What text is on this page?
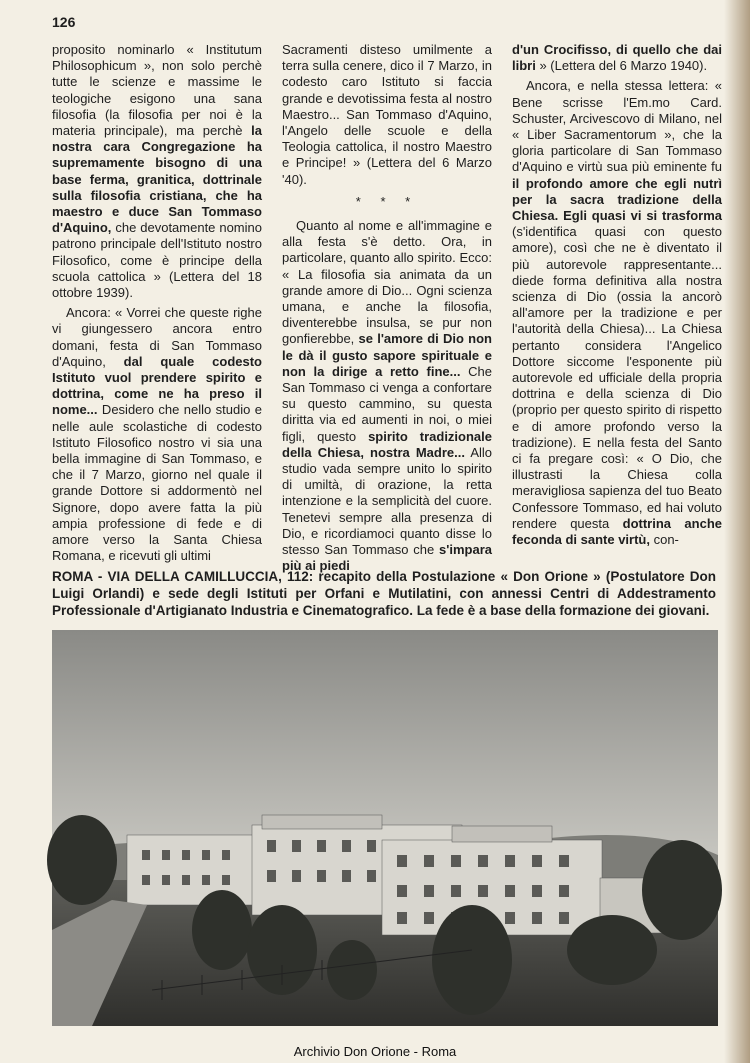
126

proposito nominarlo « Institutum Philosophicum », non solo perchè tutte le scienze e massime le teologiche esigono una sana filosofia (la filosofia per noi è la materia principale), ma perchè la nostra cara Congregazione ha supremamente bisogno di una base ferma, granitica, dottrinale sulla filosofia cristiana, che ha maestro e duce San Tommaso d'Aquino, che devotamente nomino patrono principale dell'Istituto nostro Filosofico, come è principe della scuola cattolica » (Lettera del 18 ottobre 1939).

Ancora: « Vorrei che queste righe vi giungessero ancora entro domani, festa di San Tommaso d'Aquino, dal quale codesto Istituto vuol prendere spirito e dottrina, come ne ha preso il nome... Desidero che nello studio e nelle aule scolastiche di codesto Istituto Filosofico nostro vi sia una bella immagine di San Tommaso, e che il 7 Marzo, giorno nel quale il grande Dottore si addormentò nel Signore, dopo avere fatta la più ampia professione di fede e di amore verso la Santa Chiesa Romana, e ricevuti gli ultimi

Sacramenti disteso umilmente a terra sulla cenere, dico il 7 Marzo, in codesto caro Istituto si faccia grande e devotissima festa al nostro Maestro... San Tommaso d'Aquino, l'Angelo delle scuole e della Teologia cattolica, il nostro Maestro e Principe! » (Lettera del 6 Marzo '40).

* * *

Quanto al nome e all'immagine e alla festa s'è detto. Ora, in particolare, quanto allo spirito. Ecco: « La filosofia sia animata da un grande amore di Dio... Ogni scienza umana, e anche la filosofia, diventerebbe insulsa, se pur non gonfierebbe, se l'amore di Dio non le dà il gusto sapore spirituale e non la dirige a retto fine... Che San Tommaso ci venga a confortare su questo cammino, su questa diritta via ed aumenti in noi, o miei figli, questo spirito tradizionale della Chiesa, nostra Madre... Allo studio vada sempre unito lo spirito di umiltà, di orazione, la retta intenzione e la semplicità del cuore. Tenetevi sempre alla presenza di Dio, e ricordiamoci quanto disse lo stesso San Tommaso che s'impara più ai piedi

d'un Crocifisso, di quello che dai libri » (Lettera del 6 Marzo 1940).

Ancora, e nella stessa lettera: « Bene scrisse l'Em.mo Card. Schuster, Arcivescovo di Milano, nel « Liber Sacramentorum », che la gloria particolare di San Tommaso d'Aquino e virtù sua più eminente fu il profondo amore che egli nutrì per la sacra tradizione della Chiesa. Egli quasi vi si trasforma (s'identifica quasi con questo amore), così che ne è diventato il più autorevole rappresentante... diede forma definitiva alla nostra scienza di Dio (ossia la ancorò all'amore per la tradizione e per l'autorità della Chiesa)... La Chiesa pertanto considera l'Angelico Dottore siccome l'esponente più autorevole ed ufficiale della propria dottrina e della scienza di Dio (proprio per questo spirito di rispetto e di amore profondo verso la tradizione). E nella festa del Santo ci fa pregare così: « O Dio, che illustrasti la Chiesa colla meravigliosa sapienza del tuo Beato Confessore Tommaso, ed hai voluto rendere questa dottrina anche feconda di sante virtù, con-

ROMA - VIA DELLA CAMILLUCCIA, 112: recapito della Postulazione « Don Orione » (Postulatore Don Luigi Orlandi) e sede degli Istituti per Orfani e Mutilatini, con annessi Centri di Addestramento Professionale d'Artigianato Industria e Cinematografico. La fede è a base della formazione dei giovani.
Archivio Don Orione - Roma
